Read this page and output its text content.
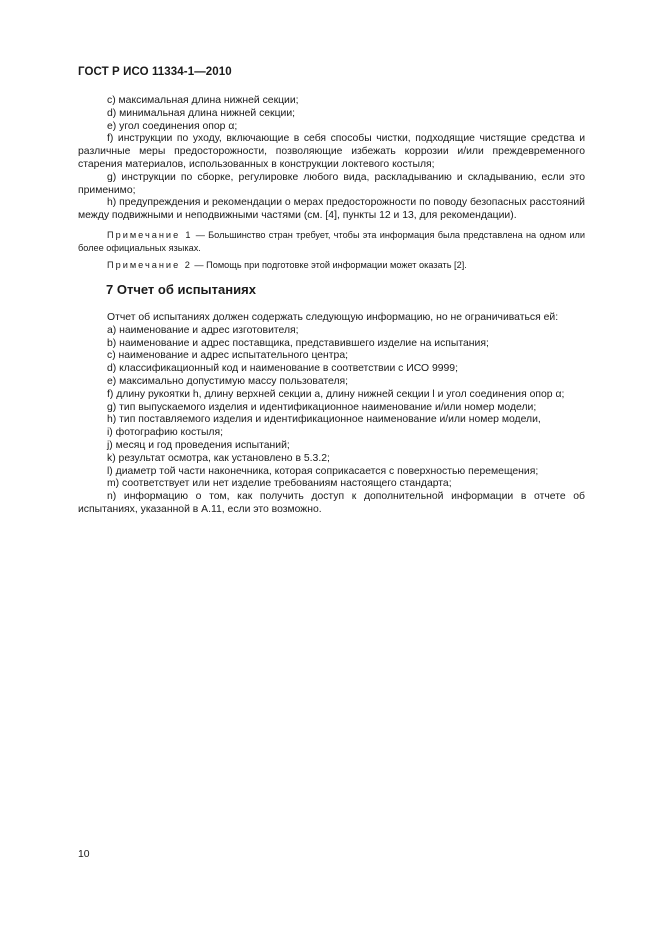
ГОСТ Р ИСО 11334-1—2010

c) максимальная длина нижней секции;

d) минимальная длина нижней секции;

e) угол соединения опор α;

f) инструкции по уходу, включающие в себя способы чистки, подходящие чистящие средства и различные меры предосторожности, позволяющие избежать коррозии и/или преждевременного старения материалов, использованных в конструкции локтевого костыля;

g) инструкции по сборке, регулировке любого вида, раскладыванию и складыванию, если это применимо;

h) предупреждения и рекомендации о мерах предосторожности по поводу безопасных расстояний между подвижными и неподвижными частями (см. [4], пункты 12 и 13, для рекомендации).

Примечание 1 — Большинство стран требует, чтобы эта информация была представлена на одном или более официальных языках.

Примечание 2 — Помощь при подготовке этой информации может оказать [2].

7 Отчет об испытаниях

Отчет об испытаниях должен содержать следующую информацию, но не ограничиваться ей:

a) наименование и адрес изготовителя;

b) наименование и адрес поставщика, представившего изделие на испытания;

c) наименование и адрес испытательного центра;

d) классификационный код и наименование в соответствии с ИСО 9999;

e) максимально допустимую массу пользователя;

f) длину рукоятки h, длину верхней секции a, длину нижней секции l и угол соединения опор α;

g) тип выпускаемого изделия и идентификационное наименование и/или номер модели;

h) тип поставляемого изделия и идентификационное наименование и/или номер модели,

i) фотографию костыля;

j) месяц и год проведения испытаний;

k) результат осмотра, как установлено в 5.3.2;

l) диаметр той части наконечника, которая соприкасается с поверхностью перемещения;

m) соответствует или нет изделие требованиям настоящего стандарта;

n) информацию о том, как получить доступ к дополнительной информации в отчете об испытаниях, указанной в А.11, если это возможно.

10
